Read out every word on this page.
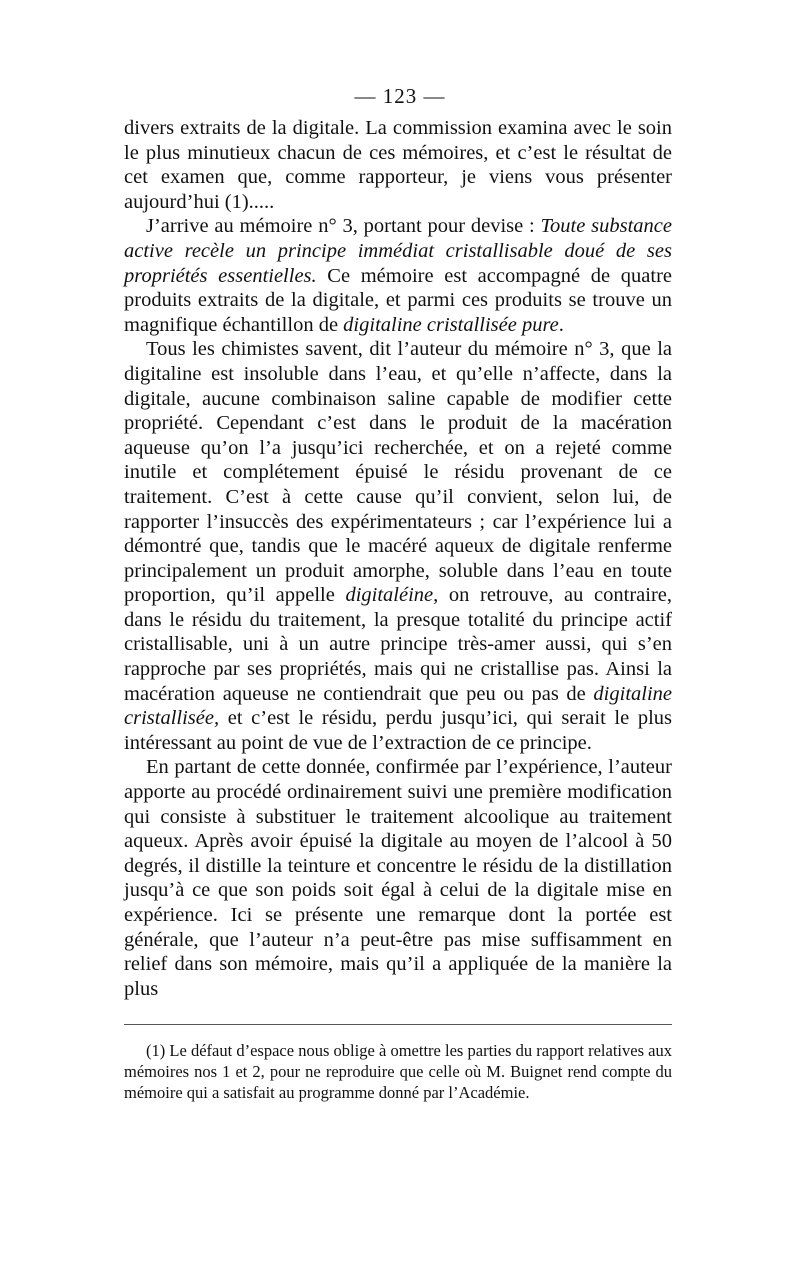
— 123 —

divers extraits de la digitale. La commission examina avec le soin le plus minutieux chacun de ces mémoires, et c’est le résultat de cet examen que, comme rapporteur, je viens vous présenter aujourd’hui (1).....

J’arrive au mémoire n° 3, portant pour devise : Toute substance active recèle un principe immédiat cristallisable doué de ses propriétés essentielles. Ce mémoire est accompagné de quatre produits extraits de la digitale, et parmi ces produits se trouve un magnifique échantillon de digitaline cristallisée pure.

Tous les chimistes savent, dit l’auteur du mémoire n° 3, que la digitaline est insoluble dans l’eau, et qu’elle n’affecte, dans la digitale, aucune combinaison saline capable de modifier cette propriété. Cependant c’est dans le produit de la macération aqueuse qu’on l’a jusqu’ici recherchée, et on a rejeté comme inutile et complétement épuisé le résidu provenant de ce traitement. C’est à cette cause qu’il convient, selon lui, de rapporter l’insuccès des expérimentateurs ; car l’expérience lui a démontré que, tandis que le macéré aqueux de digitale renferme principalement un produit amorphe, soluble dans l’eau en toute proportion, qu’il appelle digitaléine, on retrouve, au contraire, dans le résidu du traitement, la presque totalité du principe actif cristallisable, uni à un autre principe très-amer aussi, qui s’en rapproche par ses propriétés, mais qui ne cristallise pas. Ainsi la macération aqueuse ne contiendrait que peu ou pas de digitaline cristallisée, et c’est le résidu, perdu jusqu’ici, qui serait le plus intéressant au point de vue de l’extraction de ce principe.

En partant de cette donnée, confirmée par l’expérience, l’auteur apporte au procédé ordinairement suivi une première modification qui consiste à substituer le traitement alcoolique au traitement aqueux. Après avoir épuisé la digitale au moyen de l’alcool à 50 degrés, il distille la teinture et concentre le résidu de la distillation jusqu’à ce que son poids soit égal à celui de la digitale mise en expérience. Ici se présente une remarque dont la portée est générale, que l’auteur n’a peut-être pas mise suffisamment en relief dans son mémoire, mais qu’il a appliquée de la manière la plus

(1) Le défaut d’espace nous oblige à omettre les parties du rapport relatives aux mémoires nos 1 et 2, pour ne reproduire que celle où M. Buignet rend compte du mémoire qui a satisfait au programme donné par l’Académie.
